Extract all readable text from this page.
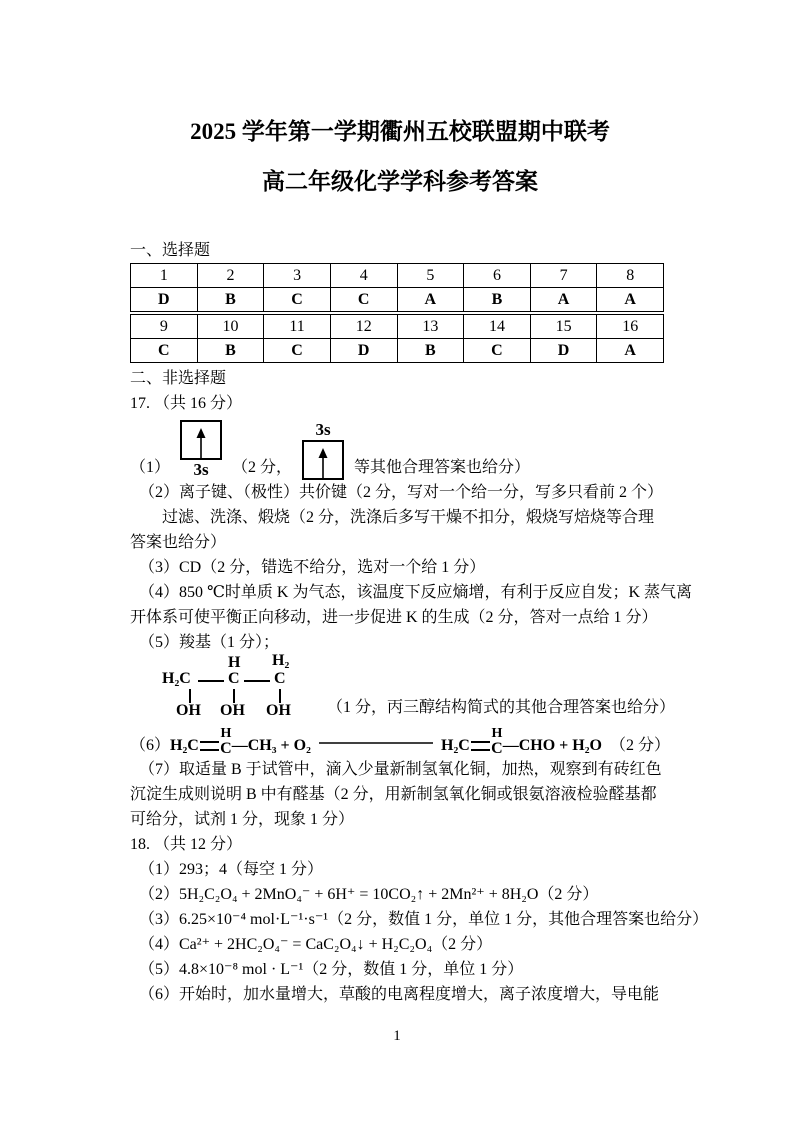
2025 学年第一学期衢州五校联盟期中联考
高二年级化学学科参考答案
一、选择题
1	2	3	4	5	6	7	8
D	B	C	C	A	B	A	A
9	10	11	12	13	14	15	16
C	B	C	D	B	C	D	A
二、非选择题

17. （共 16 分）

（1） 3s （2 分，
3s
等其他合理答案也给分）

（2）离子键、（极性）共价键（2 分，写对一个给一分，写多只看前 2 个）

过滤、洗涤、煅烧（2 分，洗涤后多写干燥不扣分，煅烧写焙烧等合理

答案也给分）

（3）CD（2 分，错选不给分，选对一个给 1 分）

（4）850 ℃时单质 K 为气态，该温度下反应熵增，有利于反应自发；K 蒸气离

开体系可使平衡正向移动，进一步促进 K 的生成（2 分，答对一点给 1 分）

（5）羧基（1 分）；

H H₂
H₂C C C
OH OH OH （1 分，丙三醇结构简式的其他合理答案也给分）
（6） H₂C
H
C —CH₃ + O₂	H₂C
H
C —CHO + H₂O （2 分）

（7）取适量 B 于试管中，滴入少量新制氢氧化铜，加热，观察到有砖红色

沉淀生成则说明 B 中有醛基（2 分，用新制氢氧化铜或银氨溶液检验醛基都

可给分，试剂 1 分，现象 1 分）

18. （共 12 分）

（1）293；4（每空 1 分）

（2）5H₂C₂O₄ + 2MnO₄⁻ + 6H⁺ = 10CO₂↑ + 2Mn²⁺ + 8H₂O（2 分）

（3）6.25×10⁻⁴ mol·L⁻¹·s⁻¹（2 分，数值 1 分，单位 1 分，其他合理答案也给分）

（4）Ca²⁺ + 2HC₂O₄⁻ = CaC₂O₄↓ + H₂C₂O₄（2 分）

（5）4.8×10⁻⁸ mol · L⁻¹（2 分，数值 1 分，单位 1 分）

（6）开始时，加水量增大，草酸的电离程度增大，离子浓度增大，导电能

1
